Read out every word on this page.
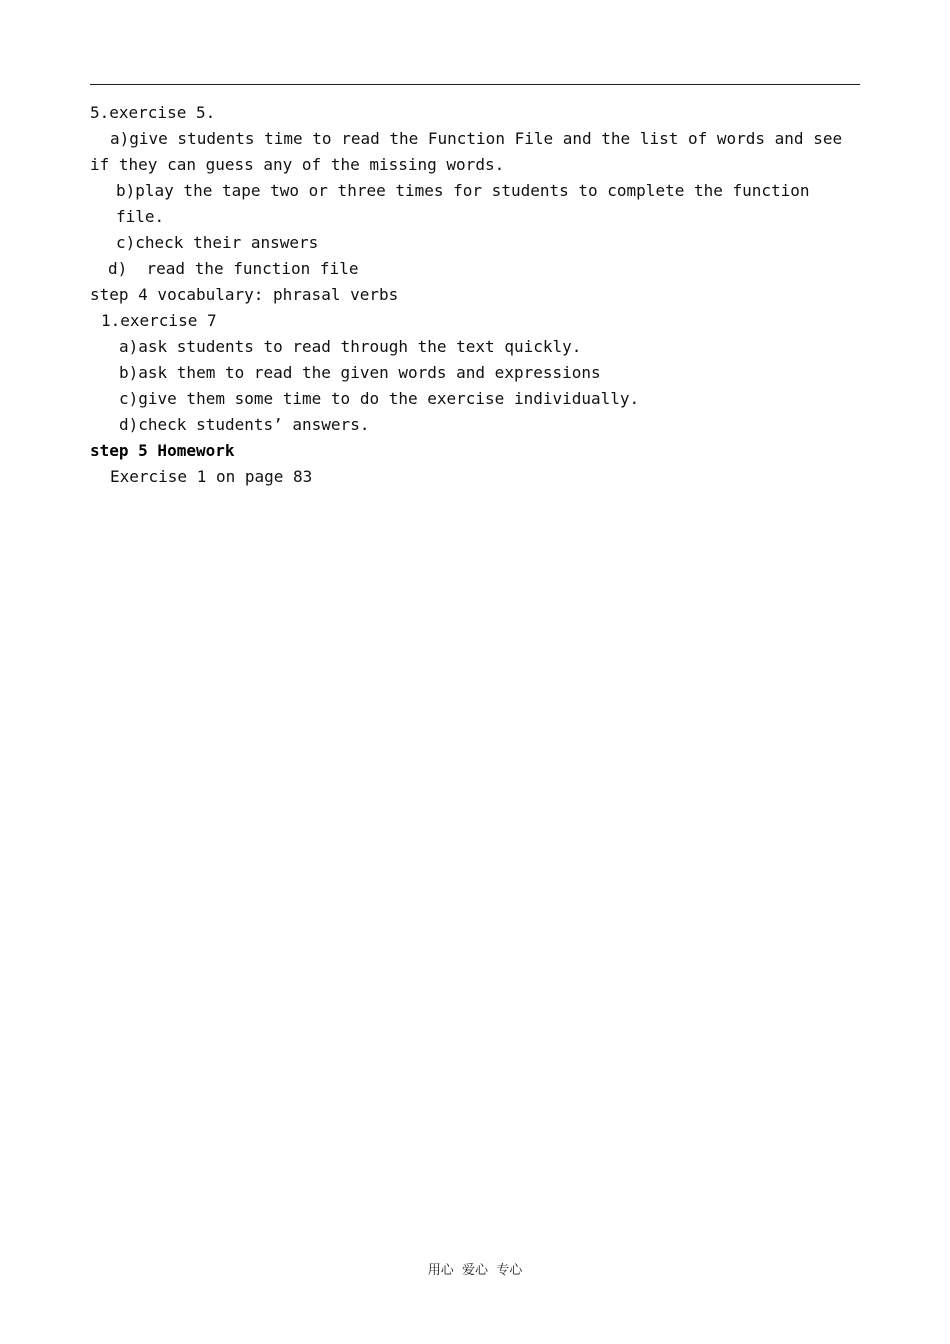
5.exercise 5.
a)give students time to read the Function File and the list of words and see
if they can guess any of the missing words.
b)play the tape two or three times for students to complete the function
file.
c)check their answers
d)  read the function file
step 4 vocabulary: phrasal verbs
1.exercise 7
a)ask students to read through the text quickly.
b)ask them to read the given words and expressions
c)give them some time to do the exercise individually.
d)check students’ answers.
step 5 Homework
Exercise 1 on page 83
用心  爱心  专心
